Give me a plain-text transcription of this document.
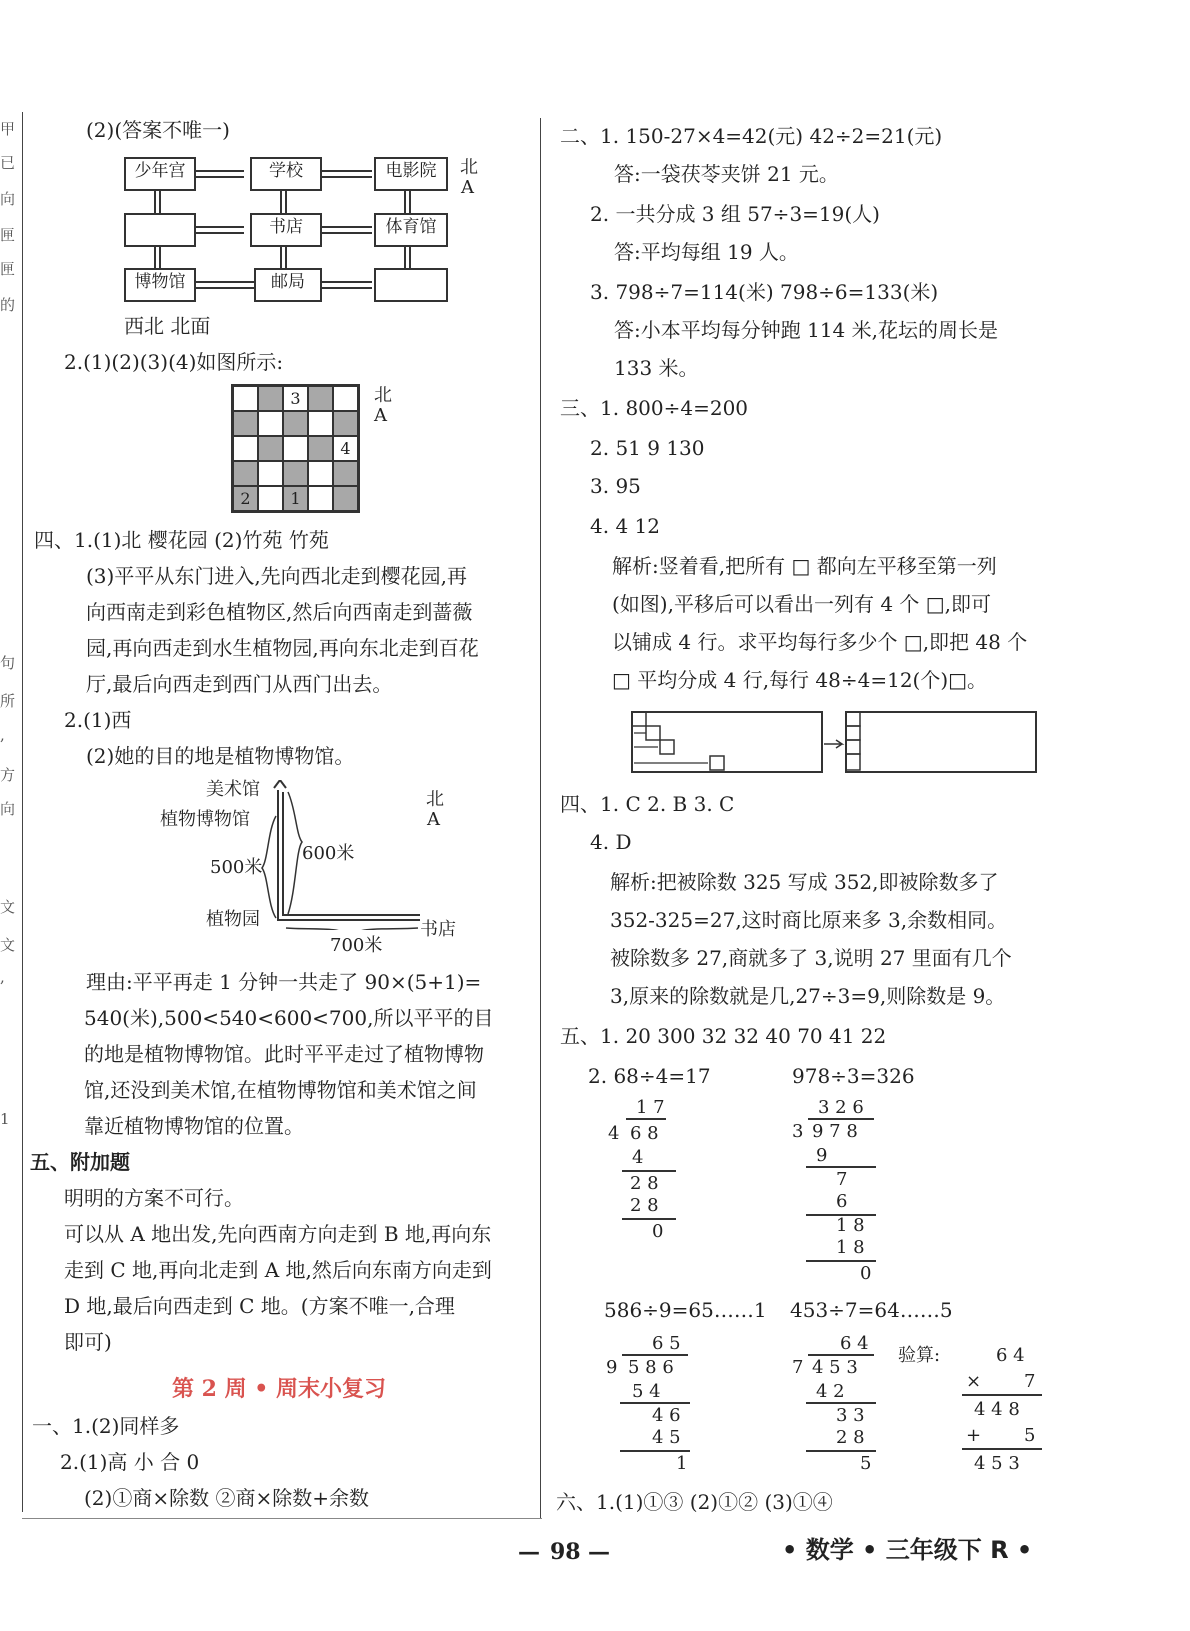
甲
已
向
匣
匣
的
句
所
,
方
向
文
文
,
1
(2)(答案不唯一)
少年宫	学校	电影院
书店	体育馆
博物馆	邮局
北
A
西北 北面
2.(1)(2)(3)(4)如图所示:
3
4
2	1
北
A
四、1.(1)北 樱花园 (2)竹苑 竹苑
(3)平平从东门进入,先向西北走到樱花园,再
向西南走到彩色植物区,然后向西南走到蔷薇
园,再向西走到水生植物园,再向东北走到百花
厅,最后向西走到西门从西门出去。
2.(1)西
(2)她的目的地是植物博物馆。
美术馆
植物博物馆
500米
600米
植物园	书店
700米
北
A
理由:平平再走 1 分钟一共走了 90×(5+1)=
540(米),500<540<600<700,所以平平的目
的地是植物博物馆。此时平平走过了植物博物
馆,还没到美术馆,在植物博物馆和美术馆之间
靠近植物博物馆的位置。
五、附加题
明明的方案不可行。
可以从 A 地出发,先向西南方向走到 B 地,再向东
走到 C 地,再向北走到 A 地,然后向东南方向走到
D 地,最后向西走到 C 地。(方案不唯一,合理
即可)
第 2 周 • 周末小复习
一、1.(2)同样多
2.(1)高 小 合 0
(2)①商×除数 ②商×除数+余数
二、1. 150-27×4=42(元) 42÷2=21(元)
答:一袋茯苓夹饼 21 元。
2. 一共分成 3 组 57÷3=19(人)
答:平均每组 19 人。
3. 798÷7=114(米) 798÷6=133(米)
答:小本平均每分钟跑 114 米,花坛的周长是
133 米。
三、1. 800÷4=200
2. 51 9 130
3. 95
4. 4 12
解析:竖着看,把所有 □ 都向左平移至第一列
(如图),平移后可以看出一列有 4 个 □,即可
以铺成 4 行。求平均每行多少个 □,即把 48 个
□ 平均分成 4 行,每行 48÷4=12(个)□。
四、1. C 2. B 3. C
4. D
解析:把被除数 325 写成 352,即被除数多了
352-325=27,这时商比原来多 3,余数相同。
被除数多 27,商就多了 3,说明 27 里面有几个
3,原来的除数就是几,27÷3=9,则除数是 9。
五、1. 20 300 32 32 40 70 41 22
2. 68÷4=17	978÷3=326
1 7
4 6 8
4
2 8
2 8
0
3 2 6
3 9 7 8
9
7
6
1 8
1 8
0
586÷9=65……1 453÷7=64……5
6 5
9 5 8 6
5 4
4 6
4 5
1
6 4
7 4 5 3
4 2
3 3
2 8
5
验算:	6 4
× 7
4 4 8
+ 5
4 5 3
六、1.(1)①③ (2)①② (3)①④
— 98 —	• 数学 • 三年级下 R •
